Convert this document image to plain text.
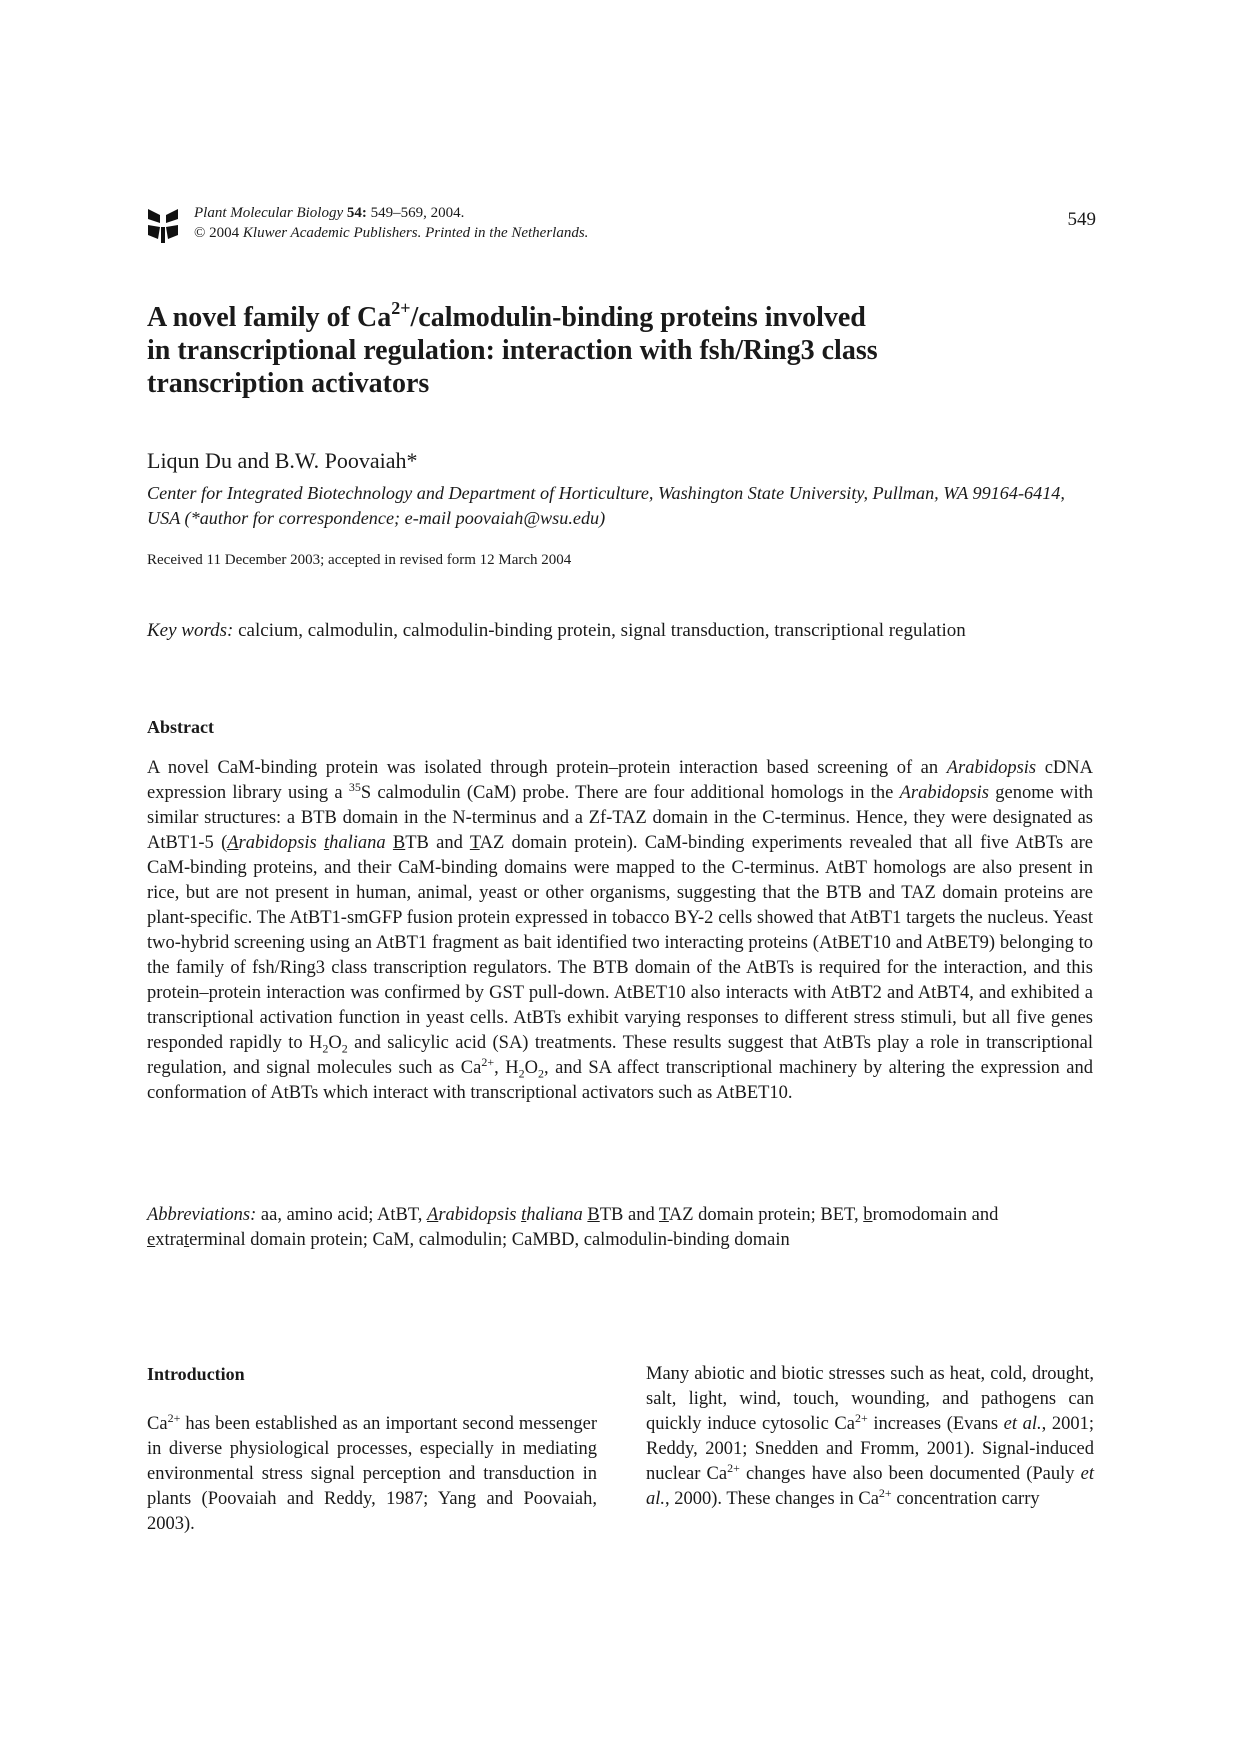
Plant Molecular Biology 54: 549–569, 2004.
© 2004 Kluwer Academic Publishers. Printed in the Netherlands.
549
A novel family of $Ca^{2+}/calmodulin$-binding proteins involved
in transcriptional regulation: interaction with fsh/Ring3 class
transcription activators
Liqun Du and B.W. Poovaiah*
Center for Integrated Biotechnology and Department of Horticulture, Washington State University, Pullman, WA 99164-6414, USA (*author for correspondence; e-mail poovaiah@wsu.edu)
Received 11 December 2003; accepted in revised form 12 March 2004
Key words: calcium, calmodulin, calmodulin-binding protein, signal transduction, transcriptional regulation
Abstract
A novel CaM-binding protein was isolated through protein–protein interaction based screening of an Arabidopsis cDNA expression library using a $^{35}$S calmodulin (CaM) probe. There are four additional homologs in the Arabidopsis genome with similar structures: a BTB domain in the N-terminus and a Zf-TAZ domain in the C-terminus. Hence, they were designated as AtBT1-5 (Arabidopsis thaliana BTB and TAZ domain protein). CaM-binding experiments revealed that all five AtBTs are CaM-binding proteins, and their CaM-binding domains were mapped to the C-terminus. AtBT homologs are also present in rice, but are not present in human, animal, yeast or other organisms, suggesting that the BTB and TAZ domain proteins are plant-specific. The AtBT1-smGFP fusion protein expressed in tobacco BY-2 cells showed that AtBT1 targets the nucleus. Yeast two-hybrid screening using an AtBT1 fragment as bait identified two interacting proteins (AtBET10 and AtBET9) belonging to the family of fsh/Ring3 class transcription regulators. The BTB domain of the AtBTs is required for the interaction, and this protein–protein interaction was confirmed by GST pull-down. AtBET10 also interacts with AtBT2 and AtBT4, and exhibited a transcriptional activation function in yeast cells. AtBTs exhibit varying responses to different stress stimuli, but all five genes responded rapidly to $H_2O_2$ and salicylic acid (SA) treatments. These results suggest that AtBTs play a role in transcriptional regulation, and signal molecules such as $Ca^{2+}$, $H_2O_2$, and SA affect transcriptional machinery by altering the expression and conformation of AtBTs which interact with transcriptional activators such as AtBET10.
Abbreviations: aa, amino acid; AtBT, Arabidopsis thaliana BTB and TAZ domain protein; BET, bromodomain and extraterminal domain protein; CaM, calmodulin; CaMBD, calmodulin-binding domain
Introduction
$Ca^{2+}$ has been established as an important second messenger in diverse physiological processes, especially in mediating environmental stress signal perception and transduction in plants (Poovaiah and Reddy, 1987; Yang and Poovaiah, 2003).
Many abiotic and biotic stresses such as heat, cold, drought, salt, light, wind, touch, wounding, and pathogens can quickly induce cytosolic $Ca^{2+}$ increases (Evans et al., 2001; Reddy, 2001; Snedden and Fromm, 2001). Signal-induced nuclear $Ca^{2+}$ changes have also been documented (Pauly et al., 2000). These changes in $Ca^{2+}$ concentration carry
